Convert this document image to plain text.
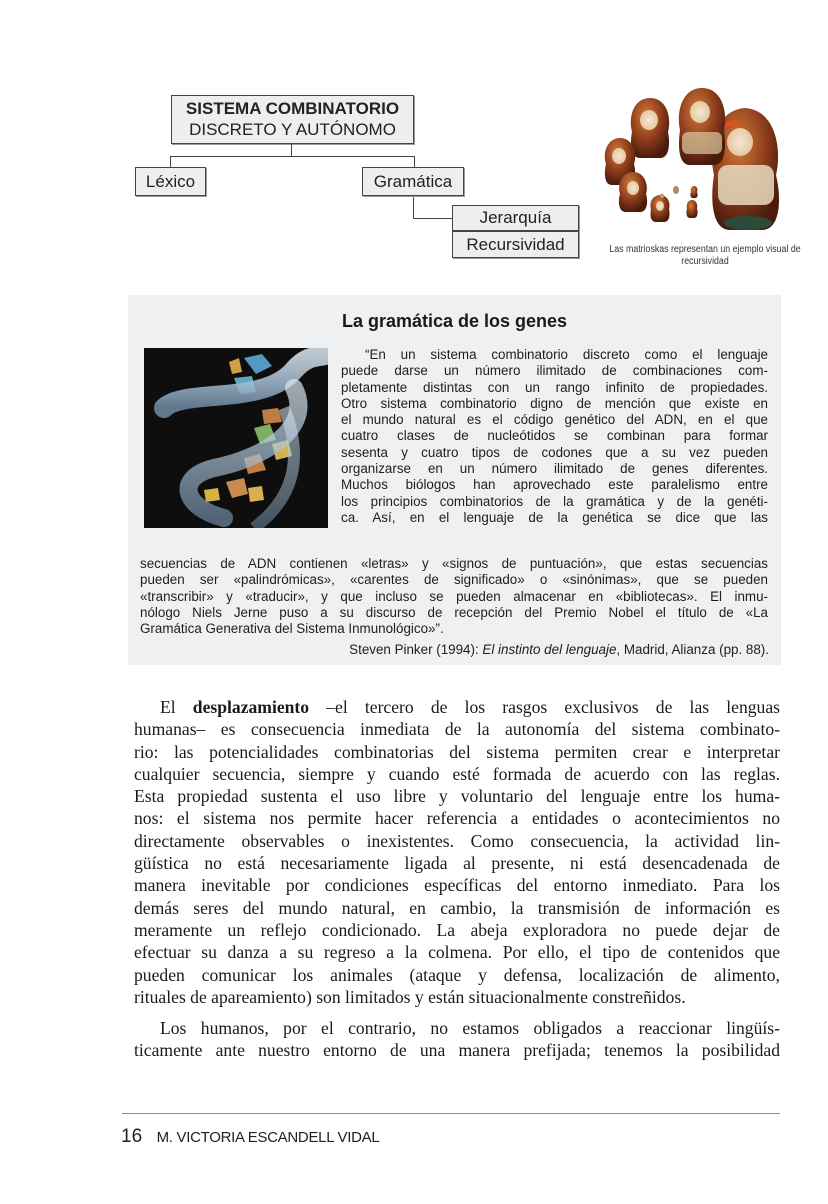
SISTEMA COMBINATORIO
DISCRETO Y AUTÓNOMO
Léxico	Gramática
Jerarquía
Recursividad	Las matrioskas representan un ejemplo visual de recursividad
La gramática de los genes
“En un sistema combinatorio discreto como el lenguaje
puede darse un número ilimitado de combinaciones com-
pletamente distintas con un rango infinito de propiedades.
Otro sistema combinatorio digno de mención que existe en
el mundo natural es el código genético del ADN, en el que
cuatro clases de nucleótidos se combinan para formar
sesenta y cuatro tipos de codones que a su vez pueden
organizarse en un número ilimitado de genes diferentes.
Muchos biólogos han aprovechado este paralelismo entre
los principios combinatorios de la gramática y de la genéti-
ca. Así, en el lenguaje de la genética se dice que las
secuencias de ADN contienen «letras» y «signos de puntuación», que estas secuencias
pueden ser «palindrómicas», «carentes de significado» o «sinónimas», que se pueden
«transcribir» y «traducir», y que incluso se pueden almacenar en «bibliotecas». El inmu-
nólogo Niels Jerne puso a su discurso de recepción del Premio Nobel el título de «La
Gramática Generativa del Sistema Inmunológico»”.
Steven Pinker (1994): El instinto del lenguaje, Madrid, Alianza (pp. 88).

El desplazamiento –el tercero de los rasgos exclusivos de las lenguas
humanas– es consecuencia inmediata de la autonomía del sistema combinato-
rio: las potencialidades combinatorias del sistema permiten crear e interpretar
cualquier secuencia, siempre y cuando esté formada de acuerdo con las reglas.
Esta propiedad sustenta el uso libre y voluntario del lenguaje entre los huma-
nos: el sistema nos permite hacer referencia a entidades o acontecimientos no
directamente observables o inexistentes. Como consecuencia, la actividad lin-
güística no está necesariamente ligada al presente, ni está desencadenada de
manera inevitable por condiciones específicas del entorno inmediato. Para los
demás seres del mundo natural, en cambio, la transmisión de información es
meramente un reflejo condicionado. La abeja exploradora no puede dejar de
efectuar su danza a su regreso a la colmena. Por ello, el tipo de contenidos que
pueden comunicar los animales (ataque y defensa, localización de alimento,
rituales de apareamiento) son limitados y están situacionalmente constreñidos.

Los humanos, por el contrario, no estamos obligados a reaccionar lingüís-
ticamente ante nuestro entorno de una manera prefijada; tenemos la posibilidad

16 M. VICTORIA ESCANDELL VIDAL
